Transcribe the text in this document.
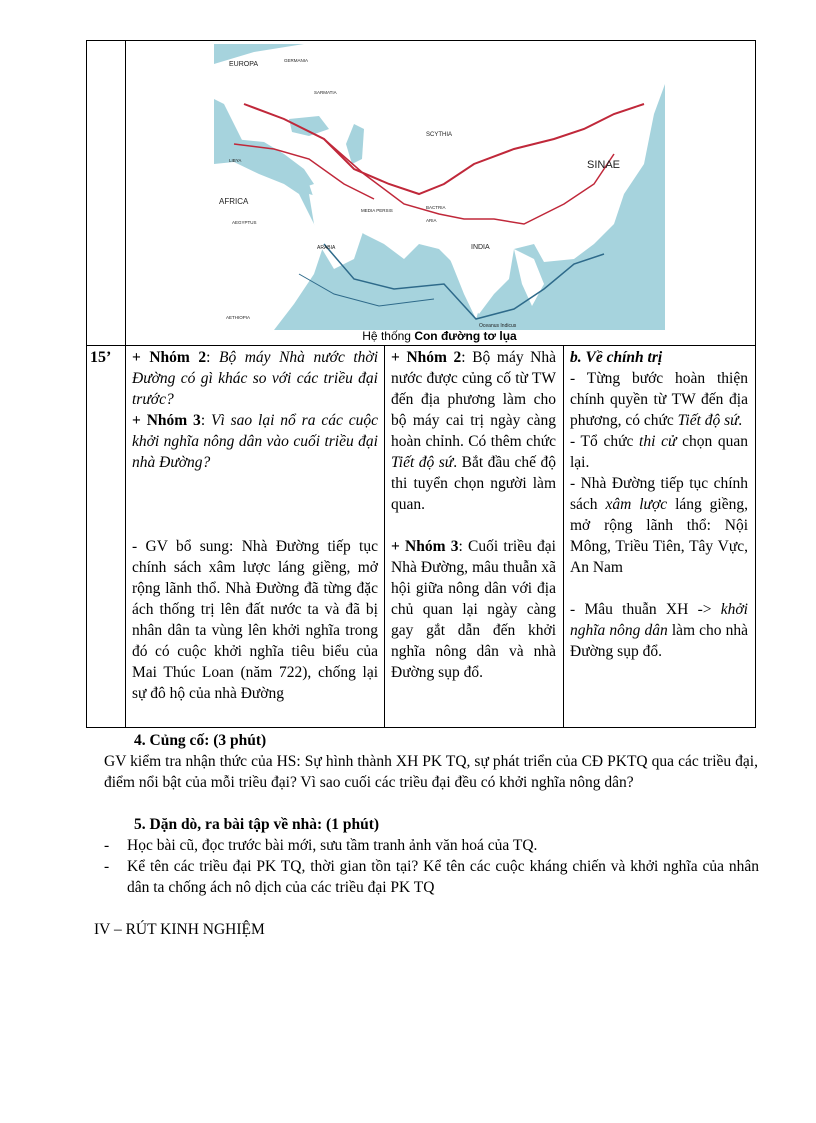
EUROPA
GERMANIA
SARMATIA
SCYTHIA
SINAE
AFRICA
LIBYA
AEGYPTUS
ARABIA
MEDIA PERSIS
BACTRIA
ARIA
INDIA
AETHIOPIA
Oceanus Indicus
Hệ thống Con đường tơ lụa
15’	+ Nhóm 2: Bộ máy Nhà nước thời Đường có gì khác so với các triều đại trước?

+ Nhóm 3: Vì sao lại nổ ra các cuộc khởi nghĩa nông dân vào cuối triều đại nhà Đường?

- GV bổ sung: Nhà Đường tiếp tục chính sách xâm lược láng giềng, mở rộng lãnh thổ. Nhà Đường đã từng đặc ách thống trị lên đất nước ta và đã bị nhân dân ta vùng lên khởi nghĩa trong đó có cuộc khởi nghĩa tiêu biểu của Mai Thúc Loan (năm 722), chống lại sự đô hộ của nhà Đường

+ Nhóm 2: Bộ máy Nhà nước được củng cố từ TW đến địa phương làm cho bộ máy cai trị ngày càng hoàn chỉnh. Có thêm chức Tiết độ sứ. Bắt đầu chế độ thi tuyển chọn người làm quan.

+ Nhóm 3: Cuối triều đại Nhà Đường, mâu thuẫn xã hội giữa nông dân với địa chủ quan lại ngày càng gay gắt dẫn đến khởi nghĩa nông dân và nhà Đường sụp đổ.

b. Về chính trị

- Từng bước hoàn thiện chính quyền từ TW đến địa phương, có chức Tiết độ sứ.

- Tổ chức thi cử chọn quan lại.

- Nhà Đường tiếp tục chính sách xâm lược láng giềng, mở rộng lãnh thổ: Nội Mông, Triều Tiên, Tây Vực, An Nam

- Mâu thuẫn XH -> khởi nghĩa nông dân làm cho nhà Đường sụp đổ.

4. Củng cố: (3 phút)
GV kiểm tra nhận thức của HS: Sự hình thành XH PK TQ, sự phát triển của CĐ PKTQ qua các triều đại, điểm nổi bật của mỗi triều đại? Vì sao cuối các triều đại đều có khởi nghĩa nông dân?
5. Dặn dò, ra bài tập về nhà: (1 phút)
- Học bài cũ, đọc trước bài mới, sưu tầm tranh ảnh văn hoá của TQ.
- Kể tên các triều đại PK TQ, thời gian tồn tại? Kể tên các cuộc kháng chiến và khởi nghĩa của nhân dân ta chống ách nô dịch của các triều đại PK TQ
IV – RÚT KINH NGHIỆM
